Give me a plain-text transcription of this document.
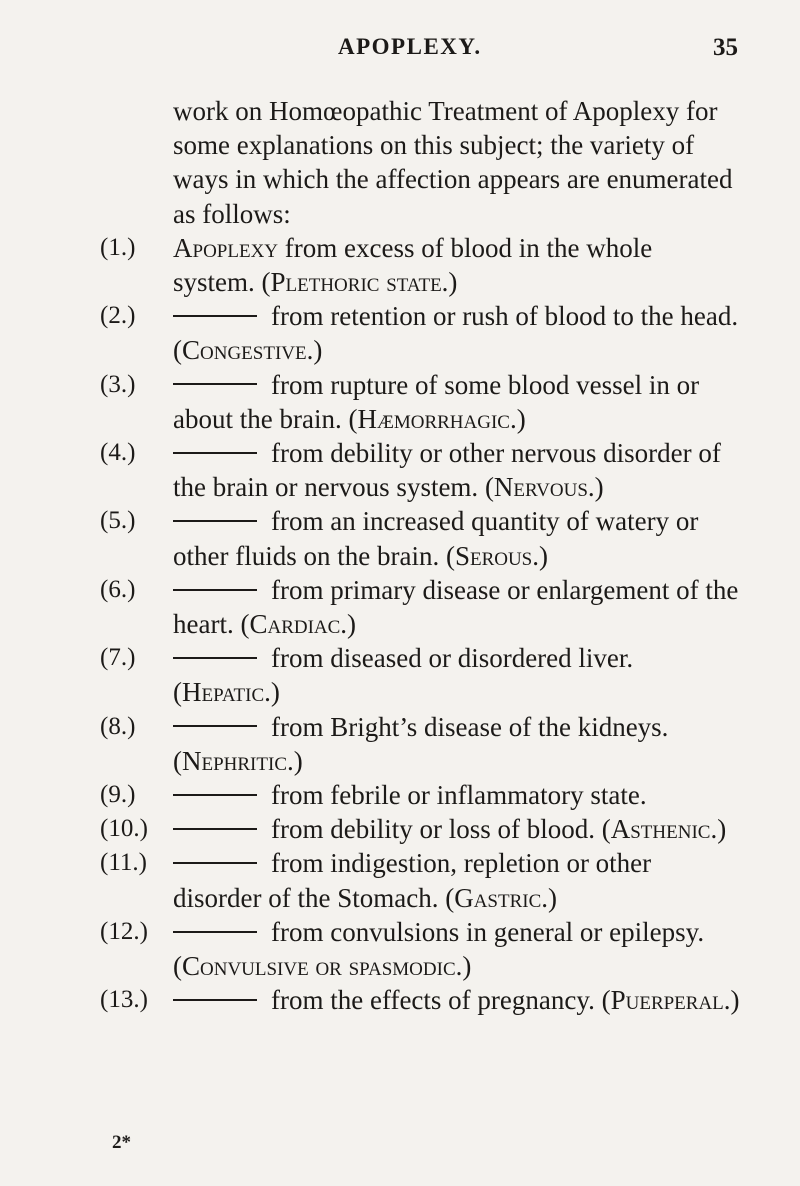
APOPLEXY.	35
work on Homœopathic Treatment of Apoplexy for some explanations on this subject; the variety of ways in which the affection appears are enumerated as follows:
(1.)	Apoplexy from excess of blood in the whole system. (Plethoric state.)
(2.)	from retention or rush of blood to the head. (Congestive.)
(3.)	from rupture of some blood vessel in or about the brain. (Hæmorrhagic.)
(4.)	from debility or other nervous disorder of the brain or nervous system. (Nervous.)
(5.)	from an increased quantity of watery or other fluids on the brain. (Serous.)
(6.)	from primary disease or enlargement of the heart. (Cardiac.)
(7.)	from diseased or disordered liver. (Hepatic.)
(8.)	from Bright’s disease of the kidneys. (Nephritic.)
(9.)	from febrile or inflammatory state.
(10.)	from debility or loss of blood. (Asthenic.)
(11.)	from indigestion, repletion or other disorder of the Stomach. (Gastric.)
(12.)	from convulsions in general or epilepsy. (Convulsive or spasmodic.)
(13.)	from the effects of pregnancy. (Puerperal.)
2*
